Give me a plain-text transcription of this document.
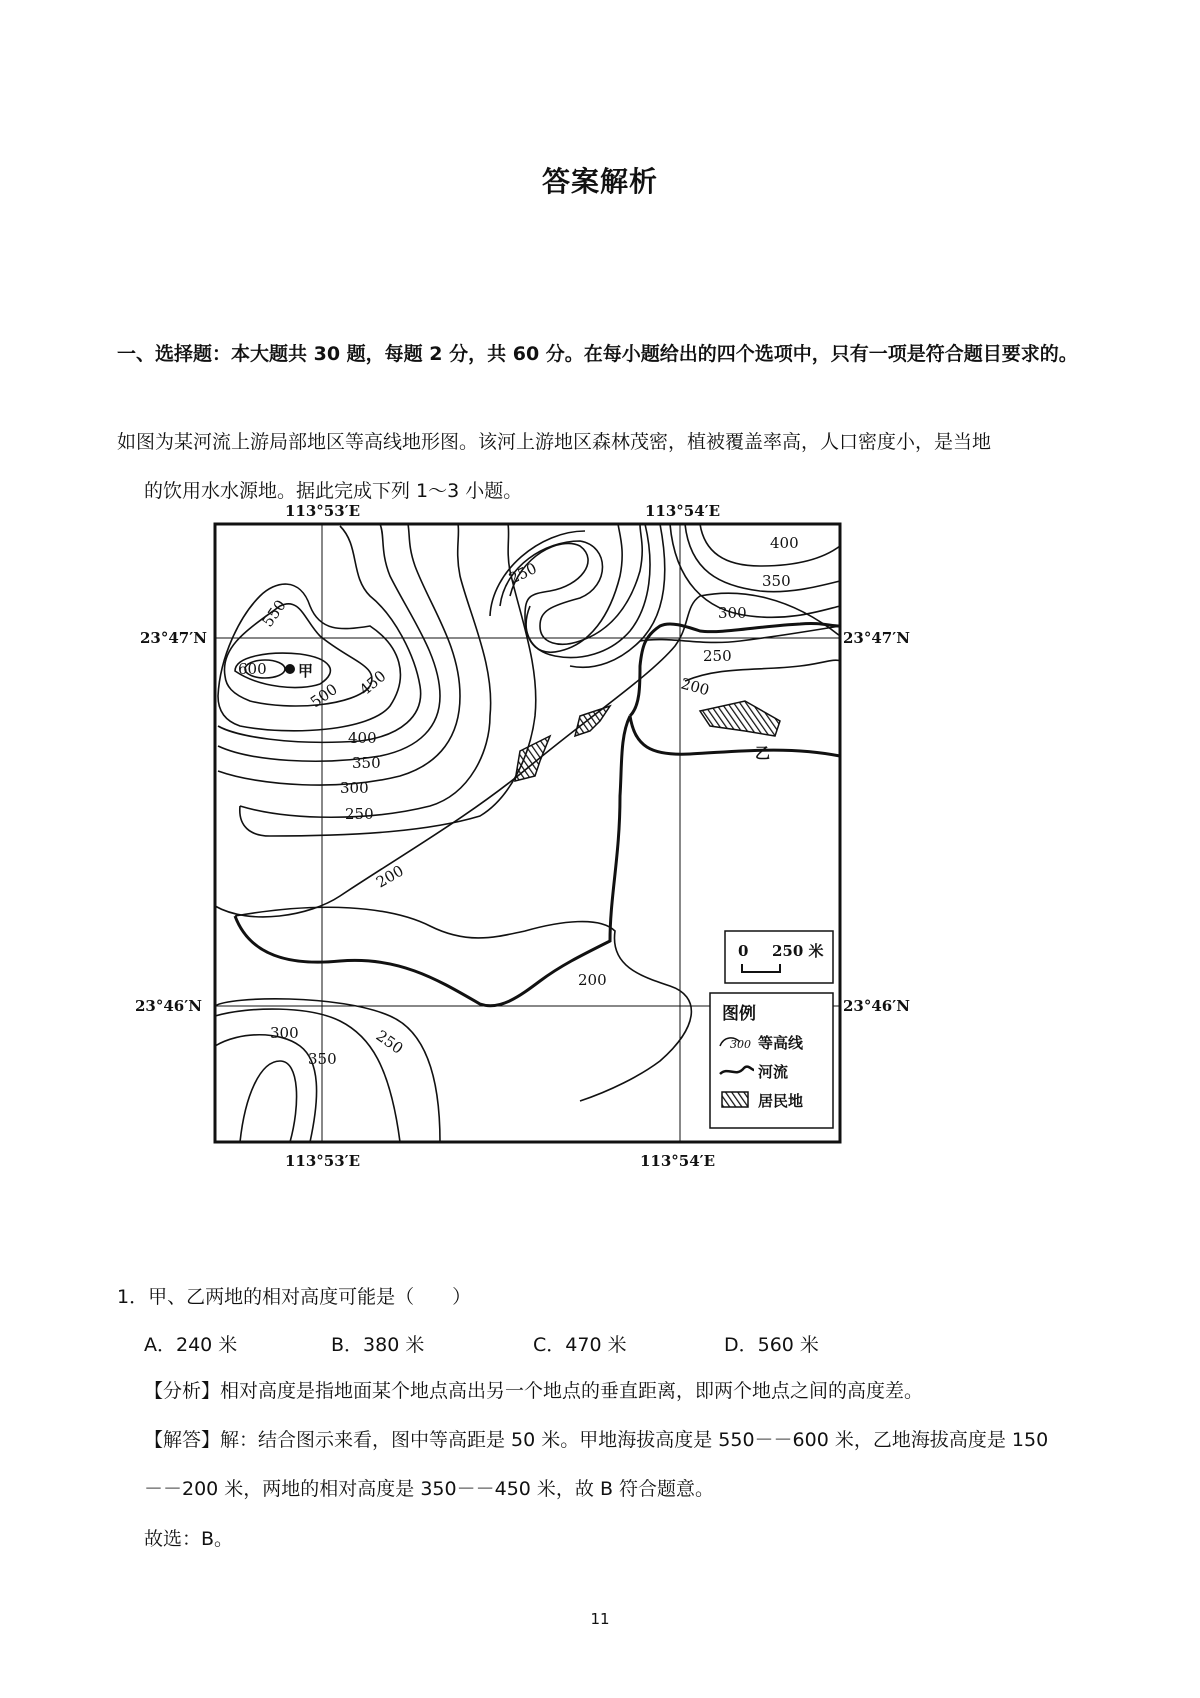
答案解析
一、选择题：本大题共 30 题，每题 2 分，共 60 分。在每小题给出的四个选项中，只有一项是符合题目要求的。
如图为某河流上游局部地区等高线地形图。该河上游地区森林茂密，植被覆盖率高，人口密度小，是当地
的饮用水水源地。据此完成下列 1～3 小题。
甲
乙
113°53′E	113°54′E
113°53′E	113°54′E
23°47′N	23°47′N
23°46′N	23°46′N
600
550
500 450
400
350
300
250
200
250
400
350
300
250
200
200
300	250
350
0 250 米
图例
300 等高线
河流
居民地
1．甲、乙两地的相对高度可能是（　　）
A．240 米	B．380 米	C．470 米	D．560 米
【分析】相对高度是指地面某个地点高出另一个地点的垂直距离，即两个地点之间的高度差。
【解答】解：结合图示来看，图中等高距是 50 米。甲地海拔高度是 550－－600 米，乙地海拔高度是 150
－－200 米，两地的相对高度是 350－－450 米，故 B 符合题意。
故选：B。
11
